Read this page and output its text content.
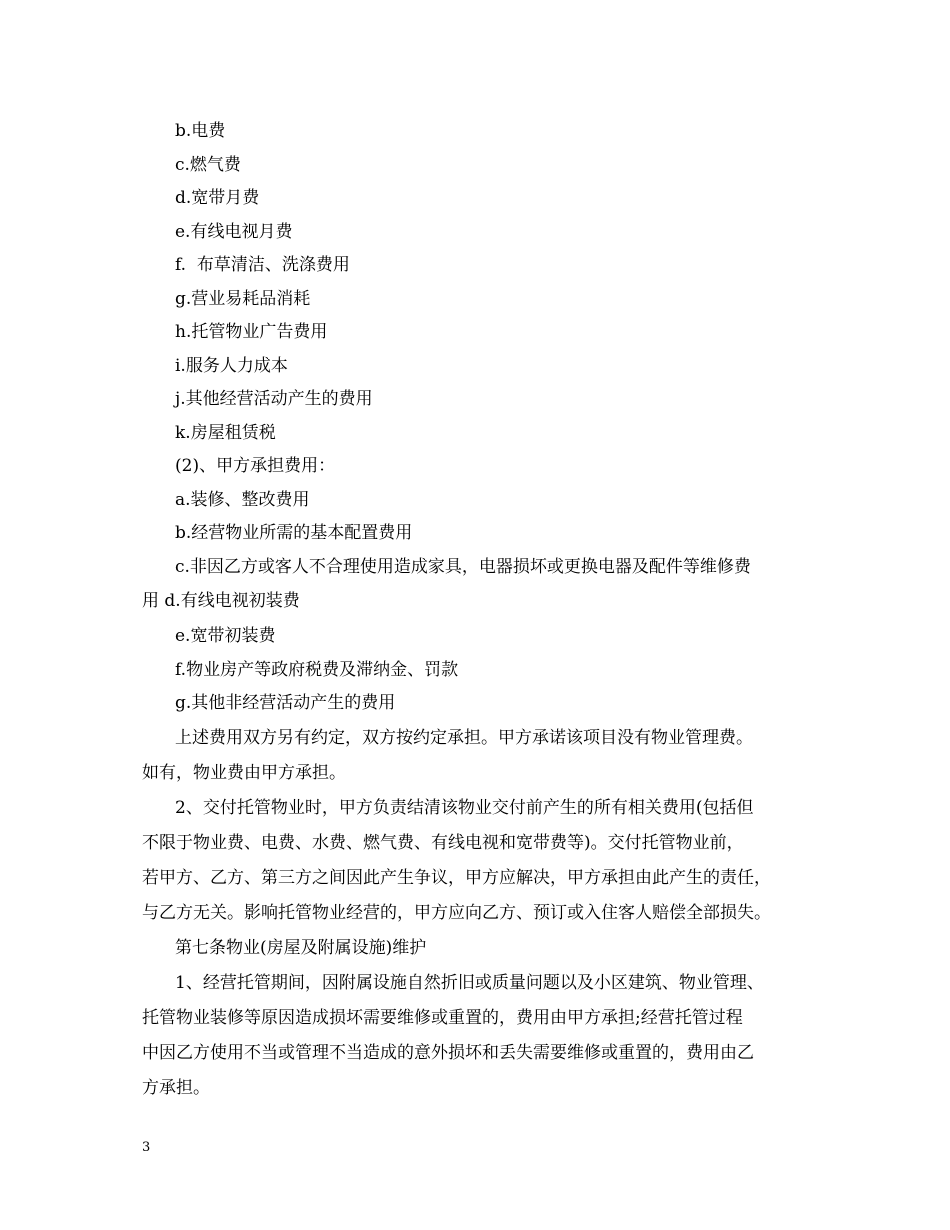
b.电费
c.燃气费
d.宽带月费
e.有线电视月费
f.  布草清洁、洗涤费用
g.营业易耗品消耗
h.托管物业广告费用
i.服务人力成本
j.其他经营活动产生的费用
k.房屋租赁税
(2)、甲方承担费用：
a.装修、整改费用
b.经营物业所需的基本配置费用
c.非因乙方或客人不合理使用造成家具，电器损坏或更换电器及配件等维修费
用 d.有线电视初装费
e.宽带初装费
f.物业房产等政府税费及滞纳金、罚款
g.其他非经营活动产生的费用
上述费用双方另有约定，双方按约定承担。甲方承诺该项目没有物业管理费。
如有，物业费由甲方承担。
2、交付托管物业时，甲方负责结清该物业交付前产生的所有相关费用(包括但
不限于物业费、电费、水费、燃气费、有线电视和宽带费等)。交付托管物业前，
若甲方、乙方、第三方之间因此产生争议，甲方应解决，甲方承担由此产生的责任，
与乙方无关。影响托管物业经营的，甲方应向乙方、预订或入住客人赔偿全部损失。
第七条物业(房屋及附属设施)维护
1、经营托管期间，因附属设施自然折旧或质量问题以及小区建筑、物业管理、
托管物业装修等原因造成损坏需要维修或重置的，费用由甲方承担;经营托管过程
中因乙方使用不当或管理不当造成的意外损坏和丢失需要维修或重置的，费用由乙
方承担。
3
